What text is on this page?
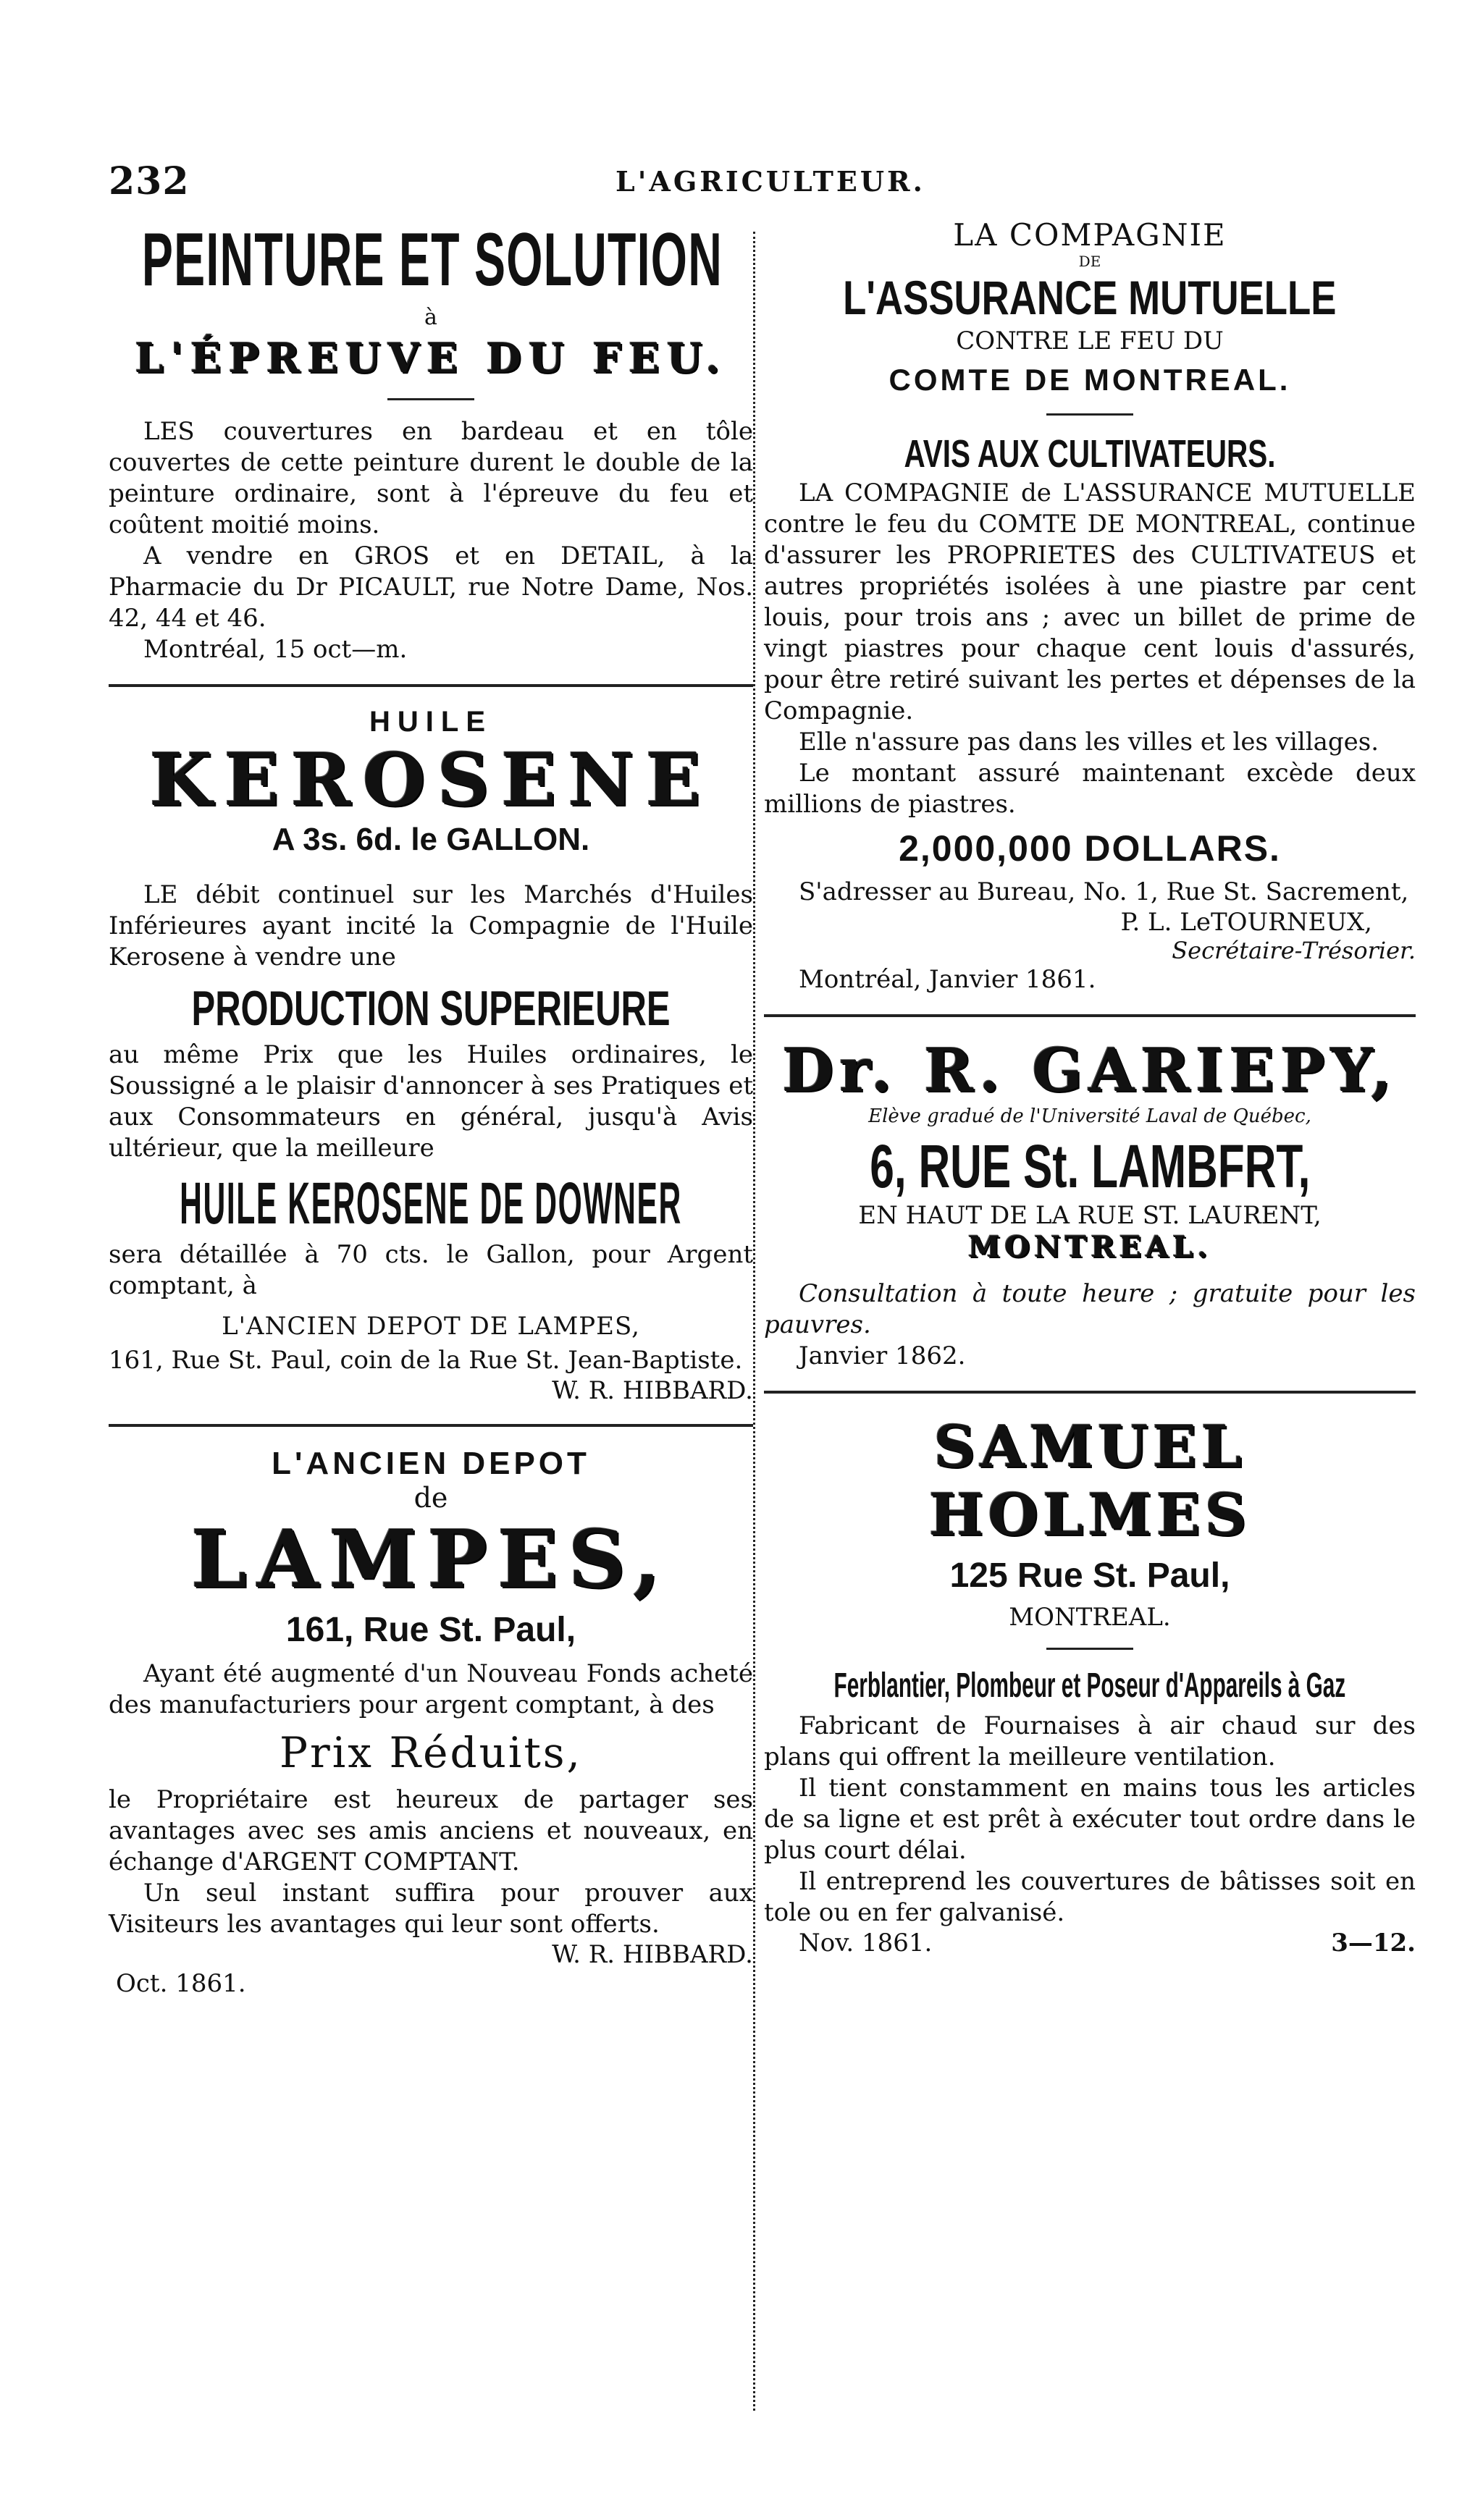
232	L'AGRICULTEUR.
PEINTURE ET SOLUTION
à
L'ÉPREUVE DU FEU.

LES couvertures en bardeau et en tôle couvertes de cette peinture durent le double de la peinture ordinaire, sont à l'épreuve du feu et coûtent moitié moins.

A vendre en GROS et en DETAIL, à la Pharmacie du Dr PICAULT, rue Notre Dame, Nos. 42, 44 et 46.

Montréal, 15 oct—m.

HUILE
KEROSENE
A 3s. 6d. le GALLON.

LE débit continuel sur les Marchés d'Huiles Inférieures ayant incité la Compagnie de l'Huile Kerosene à vendre une

PRODUCTION SUPERIEURE

au même Prix que les Huiles ordinaires, le Soussigné a le plaisir d'annoncer à ses Pratiques et aux Consommateurs en général, jusqu'à Avis ultérieur, que la meilleure

HUILE KEROSENE DE DOWNER

sera détaillée à 70 cts. le Gallon, pour Argent comptant, à

L'ANCIEN DEPOT DE LAMPES,

161, Rue St. Paul, coin de la Rue St. Jean-Baptiste.

W. R. HIBBARD.
L'ANCIEN DEPOT
de
LAMPES,
161, Rue St. Paul,

Ayant été augmenté d'un Nouveau Fonds acheté des manufacturiers pour argent comptant, à des

Prix Réduits,

le Propriétaire est heureux de partager ses avantages avec ses amis anciens et nouveaux, en échange d'ARGENT COMPTANT.

Un seul instant suffira pour prouver aux Visiteurs les avantages qui leur sont offerts.

W. R. HIBBARD.
Oct. 1861.
LA COMPAGNIE
DE
L'ASSURANCE MUTUELLE
CONTRE LE FEU DU
COMTE DE MONTREAL.
AVIS AUX CULTIVATEURS.

LA COMPAGNIE de L'ASSURANCE MUTUELLE contre le feu du COMTE DE MONTREAL, continue d'assurer les PROPRIETES des CULTIVATEUS et autres propriétés isolées à une piastre par cent louis, pour trois ans ; avec un billet de prime de vingt piastres pour chaque cent louis d'assurés, pour être retiré suivant les pertes et dépenses de la Compagnie.

Elle n'assure pas dans les villes et les villages.

Le montant assuré maintenant excède deux millions de piastres.

2,000,000 DOLLARS.

S'adresser au Bureau, No. 1, Rue St. Sacrement,

P. L. LeTOURNEUX,
Secrétaire-Trésorier.

Montréal, Janvier 1861.

Dr. R. GARIEPY,
Elève gradué de l'Université Laval de Québec,
6, RUE St. LAMBFRT,
EN HAUT DE LA RUE ST. LAURENT,
MONTREAL.

Consultation à toute heure ; gratuite pour les pauvres.

Janvier 1862.

SAMUEL HOLMES
125 Rue St. Paul,
MONTREAL.
Ferblantier, Plombeur et Poseur d'Appareils à Gaz

Fabricant de Fournaises à air chaud sur des plans qui offrent la meilleure ventilation.

Il tient constamment en mains tous les articles de sa ligne et est prêt à exécuter tout ordre dans le plus court délai.

Il entreprend les couvertures de bâtisses soit en tole ou en fer galvanisé.

Nov. 1861.	3—12.
